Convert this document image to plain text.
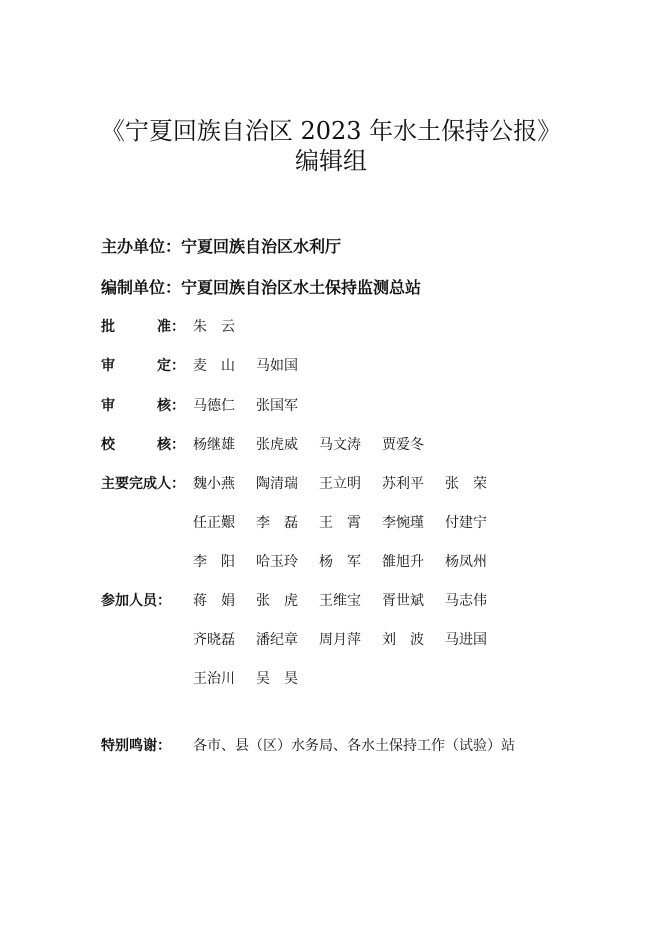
《宁夏回族自治区 2023 年水土保持公报》
编辑组
主办单位：宁夏回族自治区水利厅
编制单位：宁夏回族自治区水土保持监测总站
批　　　准： 朱　云
审　　　定： 麦　山 马如国
审　　　核： 马德仁 张国军
校　　　核： 杨继雄 张虎威 马文涛 贾爱冬
主要完成人： 魏小燕 陶清瑞 王立明 苏利平 张　荣
任正艱 李　磊 王　霄 李惋瑾 付建宁
李　阳 哈玉玲 杨　军 雒旭升 杨凤州
参加人员：	蒋　娟 张　虎 王维宝 胥世斌 马志伟
齐晓磊 潘纪章 周月萍 刘　波 马进国
王治川 吴　昊
特别鸣谢：	各市、县（区）水务局、各水土保持工作（试验）站
